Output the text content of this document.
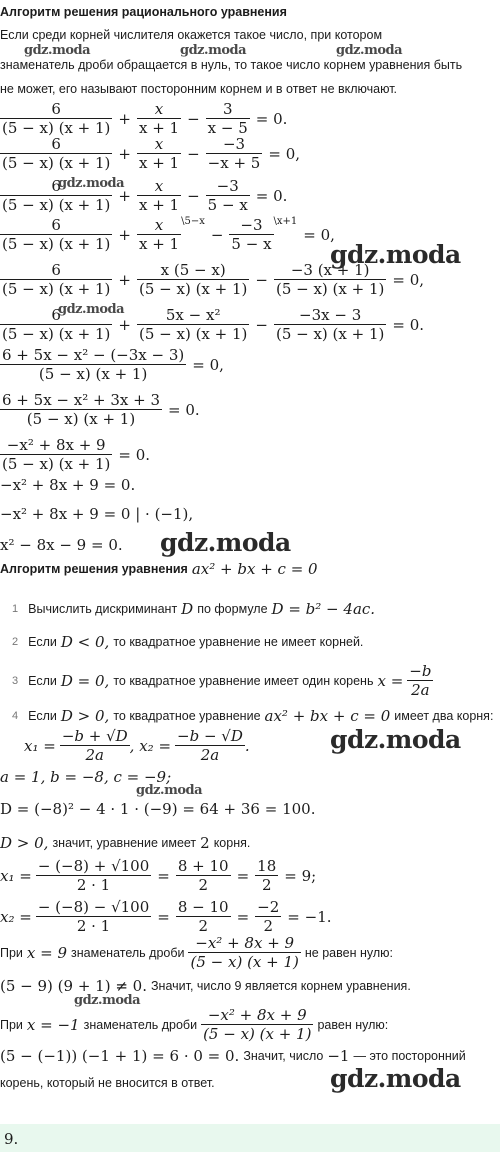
Алгоритм решения рационального уравнения
Если среди корней числителя окажется такое число, при котором
знаменатель дроби обращается в нуль, то такое число корнем уравнения быть
не может, его называют посторонним корнем и в ответ не включают.
$\frac{6}{(5 - x) (x + 1)} + \frac{x}{x + 1} - \frac{3}{x - 5} = 0$.
$\frac{6}{(5 - x) (x + 1)} + \frac{x}{x + 1} - \frac{-3}{-x + 5} = 0$,
$\frac{6}{(5 - x) (x + 1)} + \frac{x}{x + 1} - \frac{-3}{5 - x} = 0$.
$\frac{6}{(5 - x) (x + 1)} + \frac{x}{x + 1}$ \5−x
− $\frac{-3}{5 - x}$ \x+1
= 0,
$\frac{6}{(5 - x) (x + 1)} + \frac{x (5 - x)}{(5 - x) (x + 1)} - \frac{-3 (x + 1)}{(5 - x) (x + 1)} = 0$,
$\frac{6}{(5 - x) (x + 1)} + \frac{\text{5x − x²}}{(5 - x) (x + 1)} - \frac{-3x - 3}{(5 - x) (x + 1)} = 0$.
$\frac{\text{6 + 5x − x² − (−3x − 3)}}{(5 - x) (x + 1)} = 0$,
$\frac{\text{6 + 5x − x² + 3x + 3}}{(5 - x) (x + 1)} = 0$.
$\frac{\text{−x² + 8x + 9}}{(5 - x) (x + 1)} = 0$.
−x² + 8x + 9 = 0.
−x² + 8x + 9 = 0 | · (−1),
x² − 8x − 9 = 0.
Алгоритм решения уравнения ax² + bx + c = 0
1 Вычислить дискриминант D по формуле D = b² − 4ac.
2 Если D < 0, то квадратное уравнение не имеет корней.
3 Если D = 0, то квадратное уравнение имеет один корень $x = \frac{-b}{2a}$
4 Если D > 0, то квадратное уравнение ax² + bx + c = 0 имеет два корня:
$x_1 = \frac{-b + √D}{2a}$ , $x_2 = \frac{-b - √D}{2a}$ .
a = 1, b = −8, c = −9;
D = (−8)² − 4 · 1 · (−9) = 64 + 36 = 100.
D > 0, значит, уравнение имеет 2 корня.
$x_1 = \frac{- (-8) + √100}{2 \cdot 1} = \frac{8 + 10}{2} = \frac{18}{2} = 9$;
$x_2 = \frac{- (-8) - √100}{2 \cdot 1} = \frac{8 - 10}{2} = \frac{-2}{2} = -1$.
При x = 9 знаменатель дроби $\frac{\text{−x² + 8x + 9}}{(5 - x) (x + 1)}$ не равен нулю:
(5 − 9) (9 + 1) ≠ 0. Значит, число 9 является корнем уравнения.
При x = −1 знаменатель дроби $\frac{\text{−x² + 8x + 9}}{(5 - x) (x + 1)}$ равен нулю:
(5 − (−1)) (−1 + 1) = 6 · 0 = 0. Значит, число −1 — это посторонний
корень, который не вносится в ответ.
9.
gdz.moda	gdz.moda	gdz.moda
gdz.moda
gdz.moda
gdz.moda
gdz.moda
gdz.moda
gdz.moda
gdz.moda
gdz.moda
